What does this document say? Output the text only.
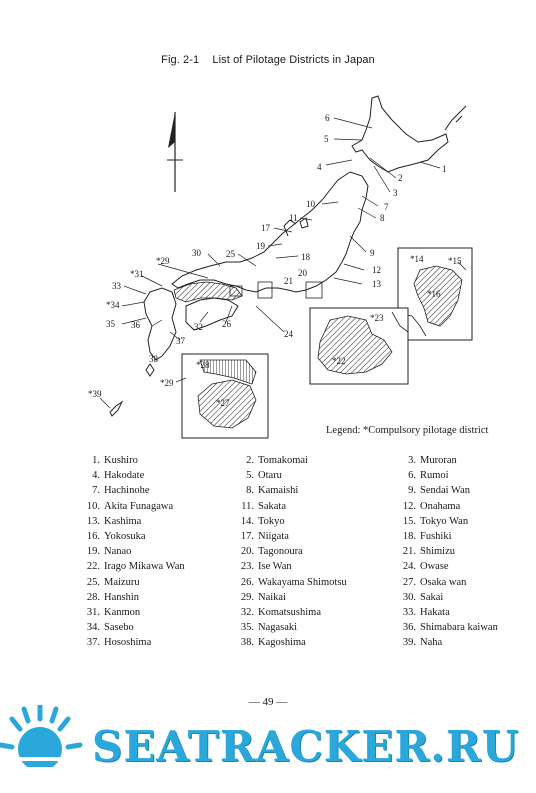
Fig. 2-1 List of Pilotage Districts in Japan
1
2
3
4
5
6
7
8
9
10
11
12
13
17
18
19
20
21
24
25
26
30
32
33
35 36
37
38
*14	*15
*16
*22
*23
*27
*28
*29
*29
*31
*34
*39
Legend: *Compulsory pilotage district
1. Kushiro
4. Hakodate
7. Hachinohe
10. Akita Funagawa
13. Kashima
16. Yokosuka
19. Nanao
22. Irago Mikawa Wan
25. Maizuru
28. Hanshin
31. Kanmon
34. Sasebo
37. Hososhima
2. Tomakomai
5. Otaru
8. Kamaishi
11. Sakata
14. Tokyo
17. Niigata
20. Tagonoura
23. Ise Wan
26. Wakayama Shimotsu
29. Naikai
32. Komatsushima
35. Nagasaki
38. Kagoshima
3. Muroran
6. Rumoi
9. Sendai Wan
12. Onahama
15. Tokyo Wan
18. Fushiki
21. Shimizu
24. Owase
27. Osaka wan
30. Sakai
33. Hakata
36. Shimabara kaiwan
39. Naha
— 49 —
SEATRACKER.RU
